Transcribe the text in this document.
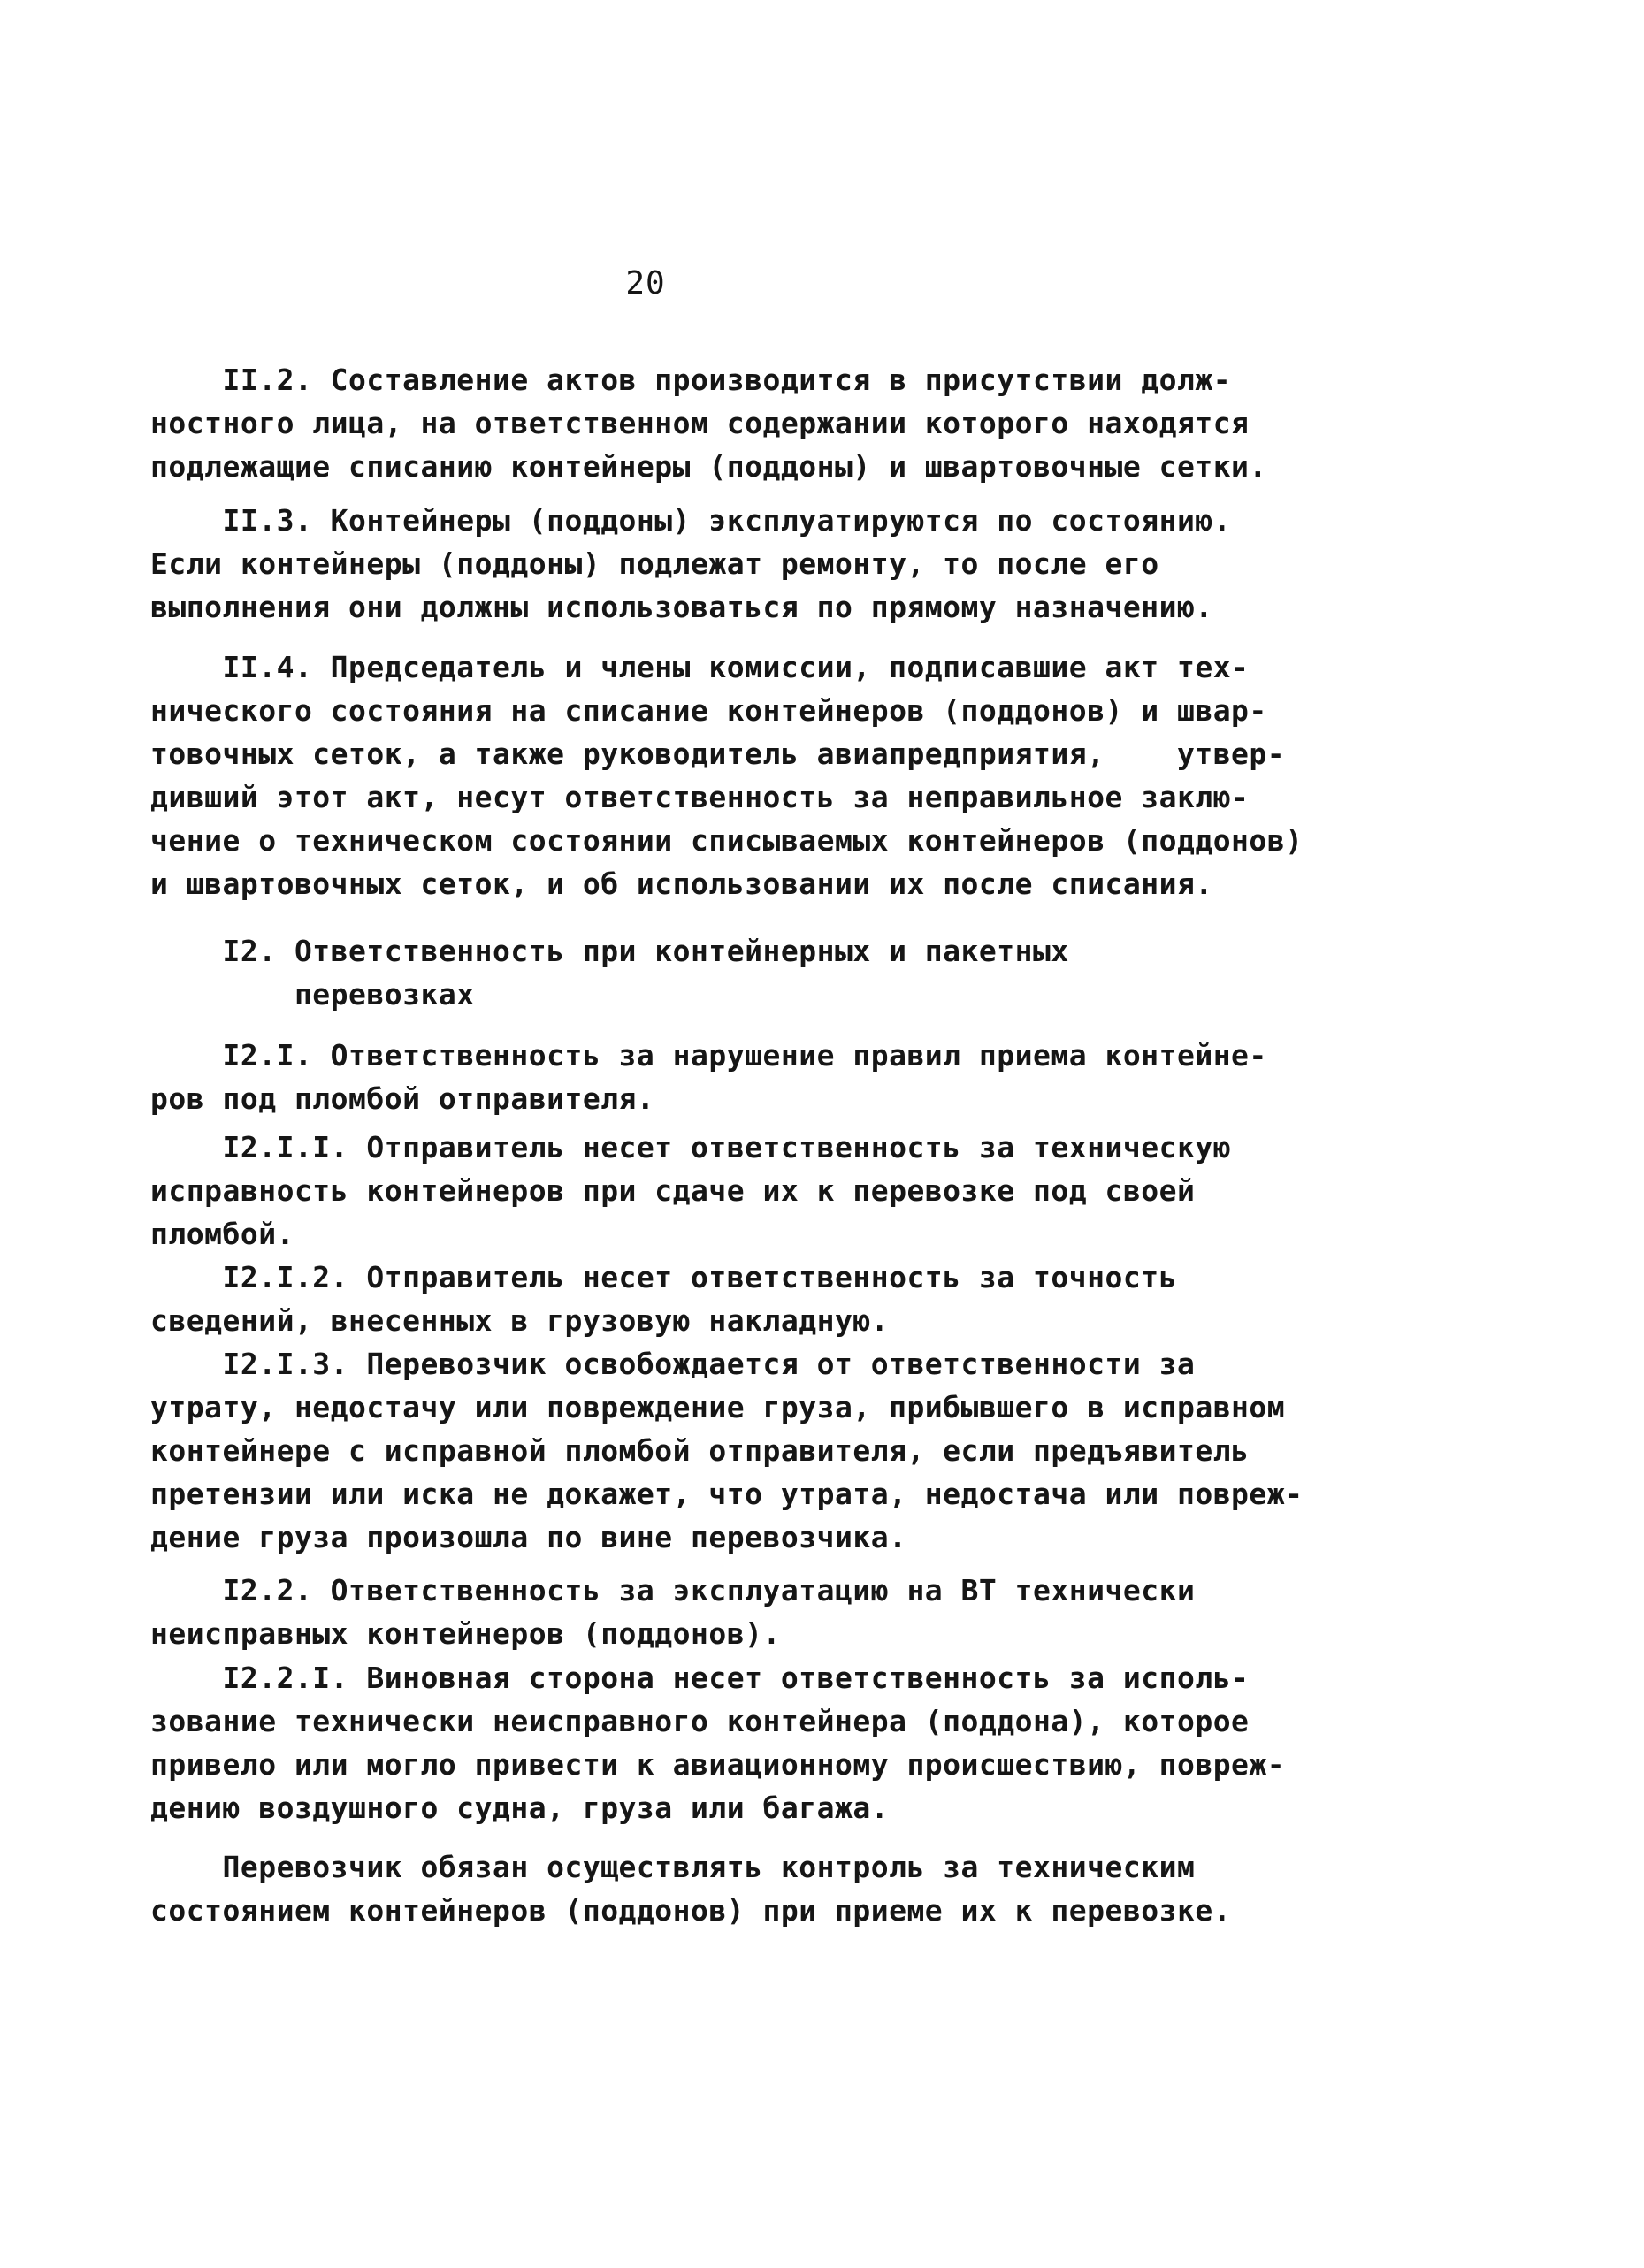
20
II.2. Составление актов производится в присутствии долж-
ностного лица, на ответственном содержании которого находятся
подлежащие списанию контейнеры (поддоны) и швартовочные сетки.
II.3. Контейнеры (поддоны) эксплуатируются по состоянию.
Если контейнеры (поддоны) подлежат ремонту, то после его
выполнения они должны использоваться по прямому назначению.
II.4. Председатель и члены комиссии, подписавшие акт тех-
нического состояния на списание контейнеров (поддонов) и швар-
товочных сеток, а также руководитель авиапредприятия,    утвер-
дивший этот акт, несут ответственность за неправильное заклю-
чение о техническом состоянии списываемых контейнеров (поддонов)
и швартовочных сеток, и об использовании их после списания.
I2. Ответственность при контейнерных и пакетных
перевозках
I2.I. Ответственность за нарушение правил приема контейне-
ров под пломбой отправителя.
I2.I.I. Отправитель несет ответственность за техническую
исправность контейнеров при сдаче их к перевозке под своей
пломбой.
I2.I.2. Отправитель несет ответственность за точность
сведений, внесенных в грузовую накладную.
I2.I.3. Перевозчик освобождается от ответственности за
утрату, недостачу или повреждение груза, прибывшего в исправном
контейнере с исправной пломбой отправителя, если предъявитель
претензии или иска не докажет, что утрата, недостача или повреж-
дение груза произошла по вине перевозчика.
I2.2. Ответственность за эксплуатацию на ВТ технически
неисправных контейнеров (поддонов).
I2.2.I. Виновная сторона несет ответственность за исполь-
зование технически неисправного контейнера (поддона), которое
привело или могло привести к авиационному происшествию, повреж-
дению воздушного судна, груза или багажа.
Перевозчик обязан осуществлять контроль за техническим
состоянием контейнеров (поддонов) при приеме их к перевозке.
